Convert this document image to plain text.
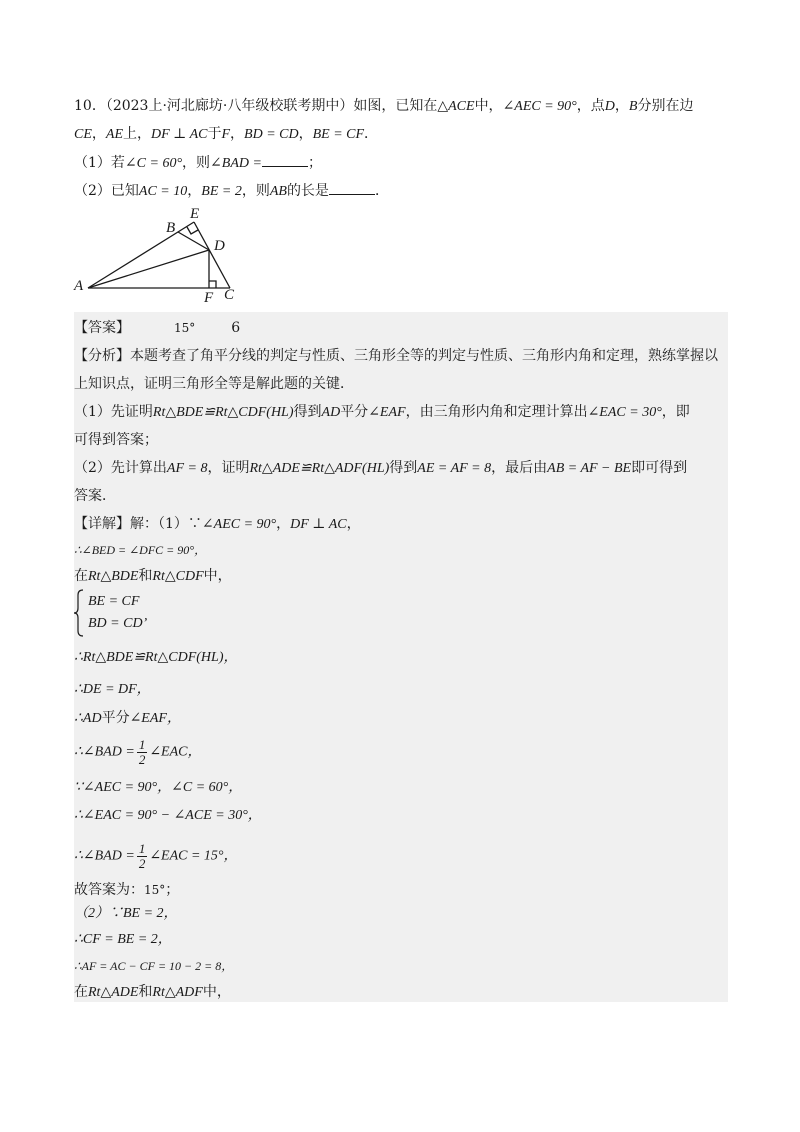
10．（2023上·河北廊坊·八年级校联考期中）如图，已知在△ACE中，∠AEC = 90°，点D，B分别在边
CE，AE上，DF ⊥ AC于F，BD = CD，BE = CF．
（1）若∠C = 60°，则∠BAD =	；
（2）已知AC = 10，BE = 2，则AB的长是	．
A
B
E
D
F C
【答案】	15°	6
【分析】本题考查了角平分线的判定与性质、三角形全等的判定与性质、三角形内角和定理，熟练掌握以
上知识点，证明三角形全等是解此题的关键．
（1）先证明Rt△BDE≌Rt△CDF(HL)得到AD平分∠EAF，由三角形内角和定理计算出∠EAC = 30°，即
可得到答案；
（2）先计算出AF = 8，证明Rt△ADE≌Rt△ADF(HL)得到AE = AF = 8，最后由AB = AF − BE即可得到
答案．
【详解】解：（1）∵∠AEC = 90°，DF ⊥ AC，
∴∠BED = ∠DFC = 90°，
在Rt△BDE和Rt△CDF中，
BE = CF
BD = CD’
∴Rt△BDE≌Rt△CDF(HL)，
∴DE = DF，
∴AD平分∠EAF，
∴∠BAD = $\frac{1}{2}$ ∠EAC，
∵∠AEC = 90°，∠C = 60°，
∴∠EAC = 90° − ∠ACE = 30°，
∴∠BAD = $\frac{1}{2}$ ∠EAC = 15°，
故答案为：15°；
（2）∵BE = 2，
∴CF = BE = 2，
∴AF = AC − CF = 10 − 2 = 8，
在Rt△ADE和Rt△ADF中，
